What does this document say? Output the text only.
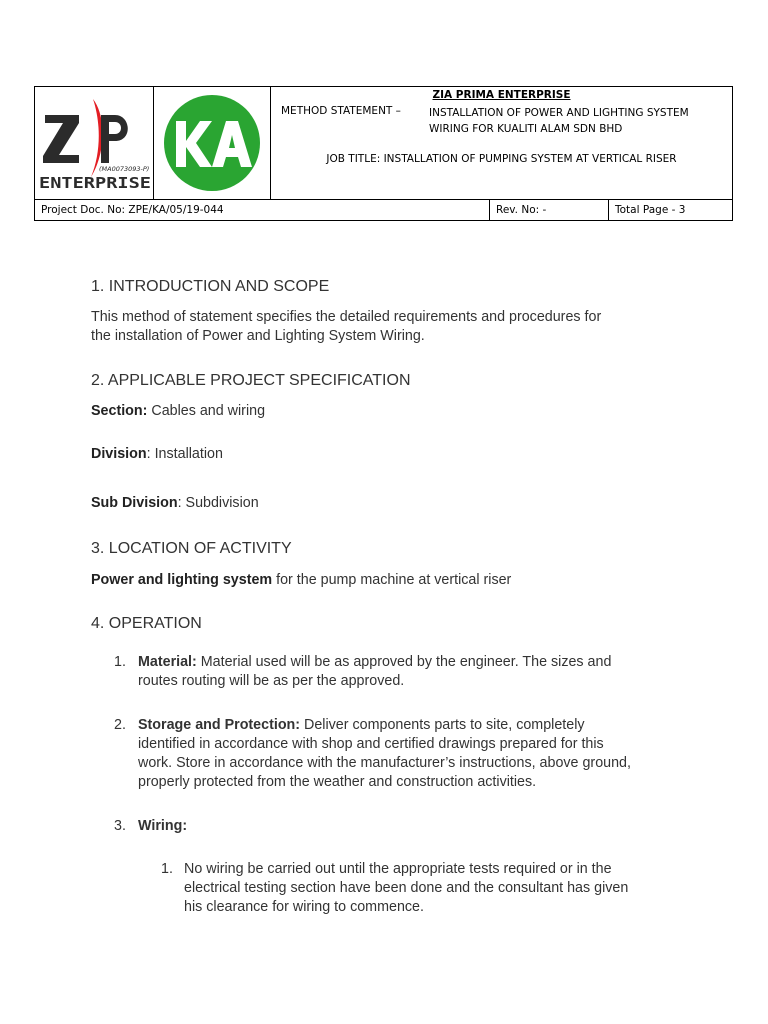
(MA0073093-P)
ENTERPRISE
ZIA PRIMA ENTERPRISE
METHOD STATEMENT –	INSTALLATION OF POWER AND LIGHTING SYSTEM
WIRING FOR KUALITI ALAM SDN BHD
JOB TITLE: INSTALLATION OF PUMPING SYSTEM AT VERTICAL RISER
Project Doc. No: ZPE/KA/05/19-044	Rev. No: -	Total Page - 3
1. INTRODUCTION AND SCOPE
This method of statement specifies the detailed requirements and procedures for
the installation of Power and Lighting System Wiring.
2. APPLICABLE PROJECT SPECIFICATION
Section: Cables and wiring
Division: Installation
Sub Division: Subdivision
3. LOCATION OF ACTIVITY
Power and lighting system for the pump machine at vertical riser
4. OPERATION
1. Material: Material used will be as approved by the engineer. The sizes and
routes routing will be as per the approved.
2. Storage and Protection: Deliver components parts to site, completely
identified in accordance with shop and certified drawings prepared for this
work. Store in accordance with the manufacturer’s instructions, above ground,
properly protected from the weather and construction activities.
3. Wiring:
1. No wiring be carried out until the appropriate tests required or in the
electrical testing section have been done and the consultant has given
his clearance for wiring to commence.
